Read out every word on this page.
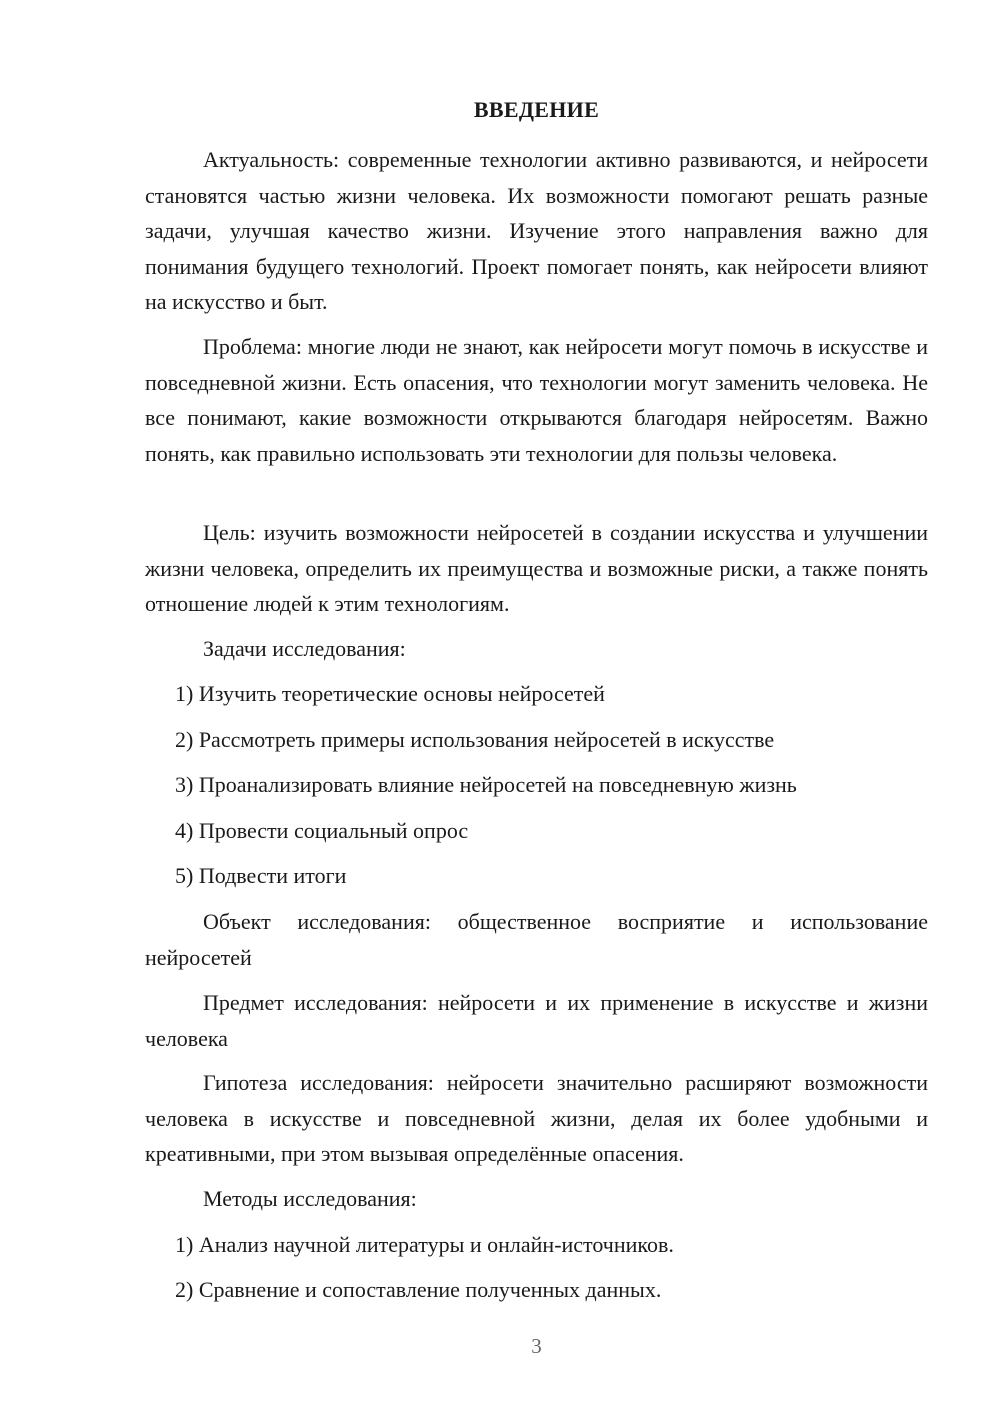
ВВЕДЕНИЕ

Актуальность: современные технологии активно развиваются, и нейросети становятся частью жизни человека. Их возможности помогают решать разные задачи, улучшая качество жизни. Изучение этого направления важно для понимания будущего технологий. Проект помогает понять, как нейросети влияют на искусство и быт.

Проблема: многие люди не знают, как нейросети могут помочь в искусстве и повседневной жизни. Есть опасения, что технологии могут заменить человека. Не все понимают, какие возможности открываются благодаря нейросетям. Важно понять, как правильно использовать эти технологии для пользы человека.

Цель: изучить возможности нейросетей в создании искусства и улучшении жизни человека, определить их преимущества и возможные риски, а также понять отношение людей к этим технологиям.

Задачи исследования:

1) Изучить теоретические основы нейросетей

2) Рассмотреть примеры использования нейросетей в искусстве

3) Проанализировать влияние нейросетей на повседневную жизнь

4) Провести социальный опрос

5) Подвести итоги

Объект исследования: общественное восприятие и использование нейросетей

Предмет исследования: нейросети и их применение в искусстве и жизни человека

Гипотеза исследования: нейросети значительно расширяют возможности человека в искусстве и повседневной жизни, делая их более удобными и креативными, при этом вызывая определённые опасения.

Методы исследования:

1) Анализ научной литературы и онлайн-источников.

2) Сравнение и сопоставление полученных данных.

3
